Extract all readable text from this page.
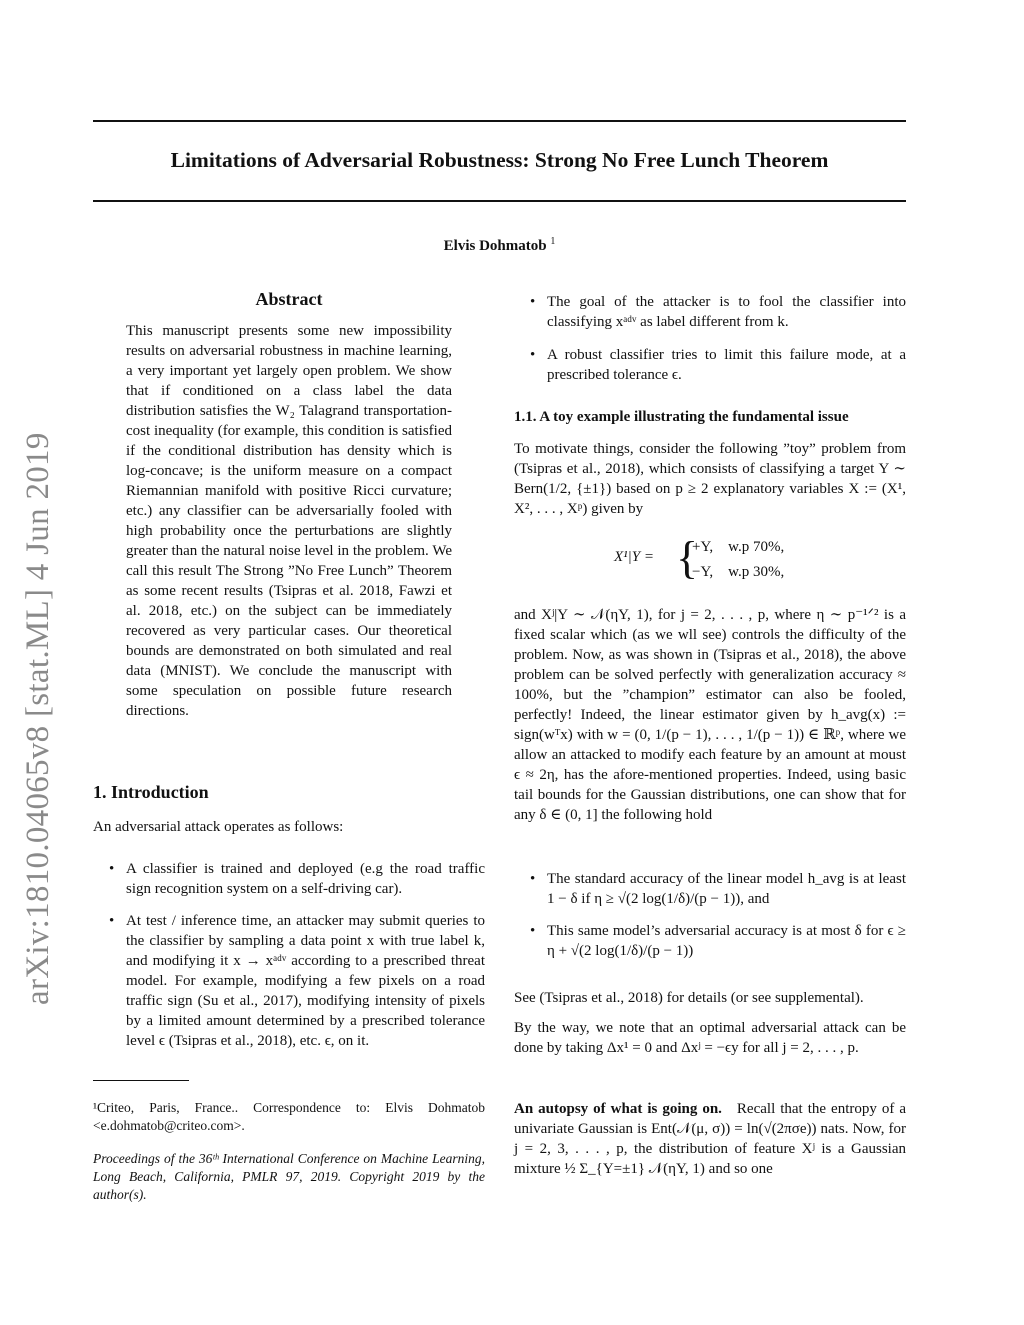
arXiv:1810.04065v8 [stat.ML] 4 Jun 2019
Limitations of Adversarial Robustness: Strong No Free Lunch Theorem
Elvis Dohmatob $^1$
Abstract
This manuscript presents some new impossibility results on adversarial robustness in machine learning, a very important yet largely open problem. We show that if conditioned on a class label the data distribution satisfies the W₂ Talagrand transportation-cost inequality (for example, this condition is satisfied if the conditional distribution has density which is log-concave; is the uniform measure on a compact Riemannian manifold with positive Ricci curvature; etc.) any classifier can be adversarially fooled with high probability once the perturbations are slightly greater than the natural noise level in the problem. We call this result The Strong ”No Free Lunch” Theorem as some recent results (Tsipras et al. 2018, Fawzi et al. 2018, etc.) on the subject can be immediately recovered as very particular cases. Our theoretical bounds are demonstrated on both simulated and real data (MNIST). We conclude the manuscript with some speculation on possible future research directions.
1. Introduction
An adversarial attack operates as follows:
• A classifier is trained and deployed (e.g the road traffic sign recognition system on a self-driving car).
• At test / inference time, an attacker may submit queries to the classifier by sampling a data point x with true label k, and modifying it x → xᵃᵈᵛ according to a prescribed threat model. For example, modifying a few pixels on a road traffic sign (Su et al., 2017), modifying intensity of pixels by a limited amount determined by a prescribed tolerance level ϵ (Tsipras et al., 2018), etc. ϵ, on it.
¹Criteo, Paris, France.. Correspondence to: Elvis Dohmatob <e.dohmatob@criteo.com>.
Proceedings of the 36ᵗʰ International Conference on Machine Learning, Long Beach, California, PMLR 97, 2019. Copyright 2019 by the author(s).
• The goal of the attacker is to fool the classifier into classifying xᵃᵈᵛ as label different from k.
• A robust classifier tries to limit this failure mode, at a prescribed tolerance ϵ.
1.1. A toy example illustrating the fundamental issue
To motivate things, consider the following ”toy” problem from (Tsipras et al., 2018), which consists of classifying a target Y ∼ Bern(1/2, {±1}) based on p ≥ 2 explanatory variables X := (X¹, X², . . . , Xᵖ) given by
X¹|Y = {
+Y,    w.p 70%,
−Y,    w.p 30%,
and Xʲ|Y ∼ 𝒩(ηY, 1), for j = 2, . . . , p, where η ∼ p⁻¹ᐟ² is a fixed scalar which (as we wll see) controls the difficulty of the problem. Now, as was shown in (Tsipras et al., 2018), the above problem can be solved perfectly with generalization accuracy ≈ 100%, but the ”champion” estimator can also be fooled, perfectly! Indeed, the linear estimator given by h_avg(x) := sign(wᵀx) with w = (0, 1/(p − 1), . . . , 1/(p − 1)) ∈ ℝᵖ, where we allow an attacked to modify each feature by an amount at moust ϵ ≈ 2η, has the afore-mentioned properties. Indeed, using basic tail bounds for the Gaussian distributions, one can show that for any δ ∈ (0, 1] the following hold
• The standard accuracy of the linear model h_avg is at least 1 − δ if η ≥ √(2 log(1/δ)/(p − 1)), and
• This same model’s adversarial accuracy is at most δ for ϵ ≥ η + √(2 log(1/δ)/(p − 1))
See (Tsipras et al., 2018) for details (or see supplemental).
By the way, we note that an optimal adversarial attack can be done by taking Δx¹ = 0 and Δxʲ = −ϵy for all j = 2, . . . , p.
An autopsy of what is going on. Recall that the entropy of a univariate Gaussian is Ent(𝒩(μ, σ)) = ln(√(2πσe)) nats. Now, for j = 2, 3, . . . , p, the distribution of feature Xʲ is a Gaussian mixture ½ Σ_{Y=±1} 𝒩(ηY, 1) and so one
